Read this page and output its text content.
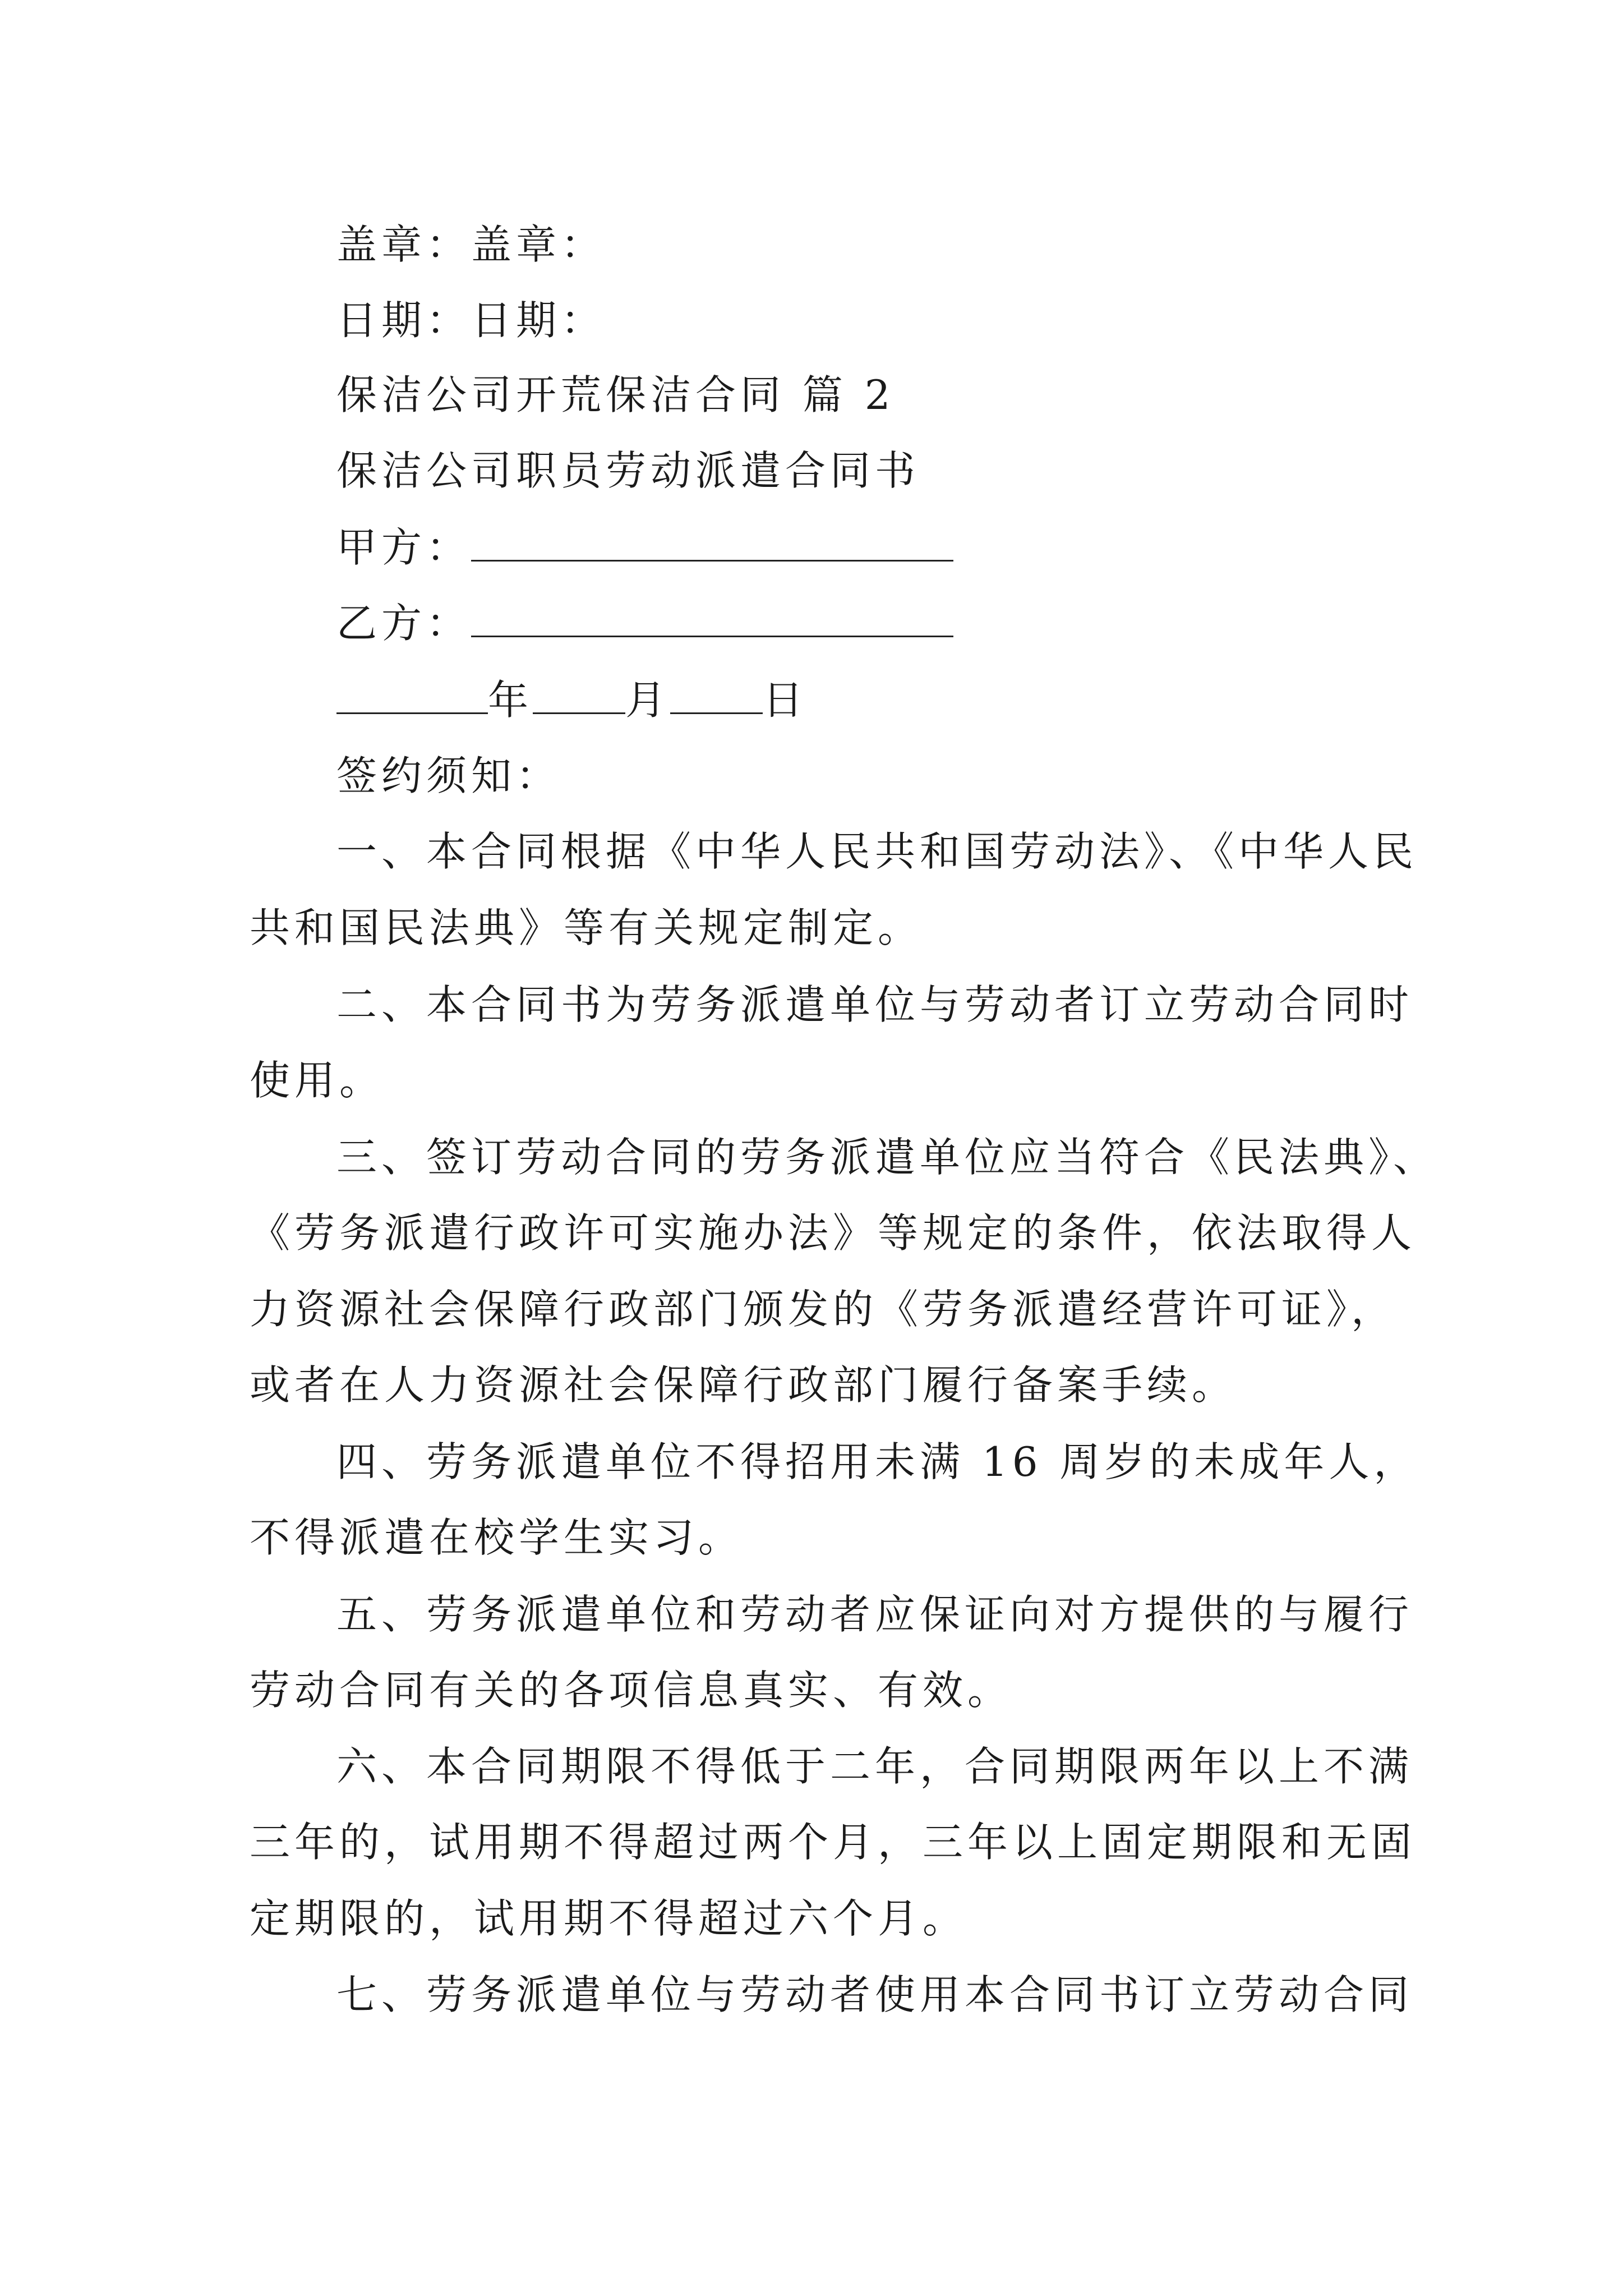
盖章：盖章：

日期：日期：

保洁公司开荒保洁合同 篇 2

保洁公司职员劳动派遣合同书

甲方：

乙方：

年 月 日

签约须知：

一、本合同根据《中华人民共和国劳动法》、《中华人民

共和国民法典》等有关规定制定。

二、本合同书为劳务派遣单位与劳动者订立劳动合同时

使用。

三、签订劳动合同的劳务派遣单位应当符合《民法典》、

《劳务派遣行政许可实施办法》等规定的条件，依法取得人

力资源社会保障行政部门颁发的《劳务派遣经营许可证》，

或者在人力资源社会保障行政部门履行备案手续。

四、劳务派遣单位不得招用未满 16 周岁的未成年人，

不得派遣在校学生实习。

五、劳务派遣单位和劳动者应保证向对方提供的与履行

劳动合同有关的各项信息真实、有效。

六、本合同期限不得低于二年，合同期限两年以上不满

三年的，试用期不得超过两个月，三年以上固定期限和无固

定期限的，试用期不得超过六个月。

七、劳务派遣单位与劳动者使用本合同书订立劳动合同
